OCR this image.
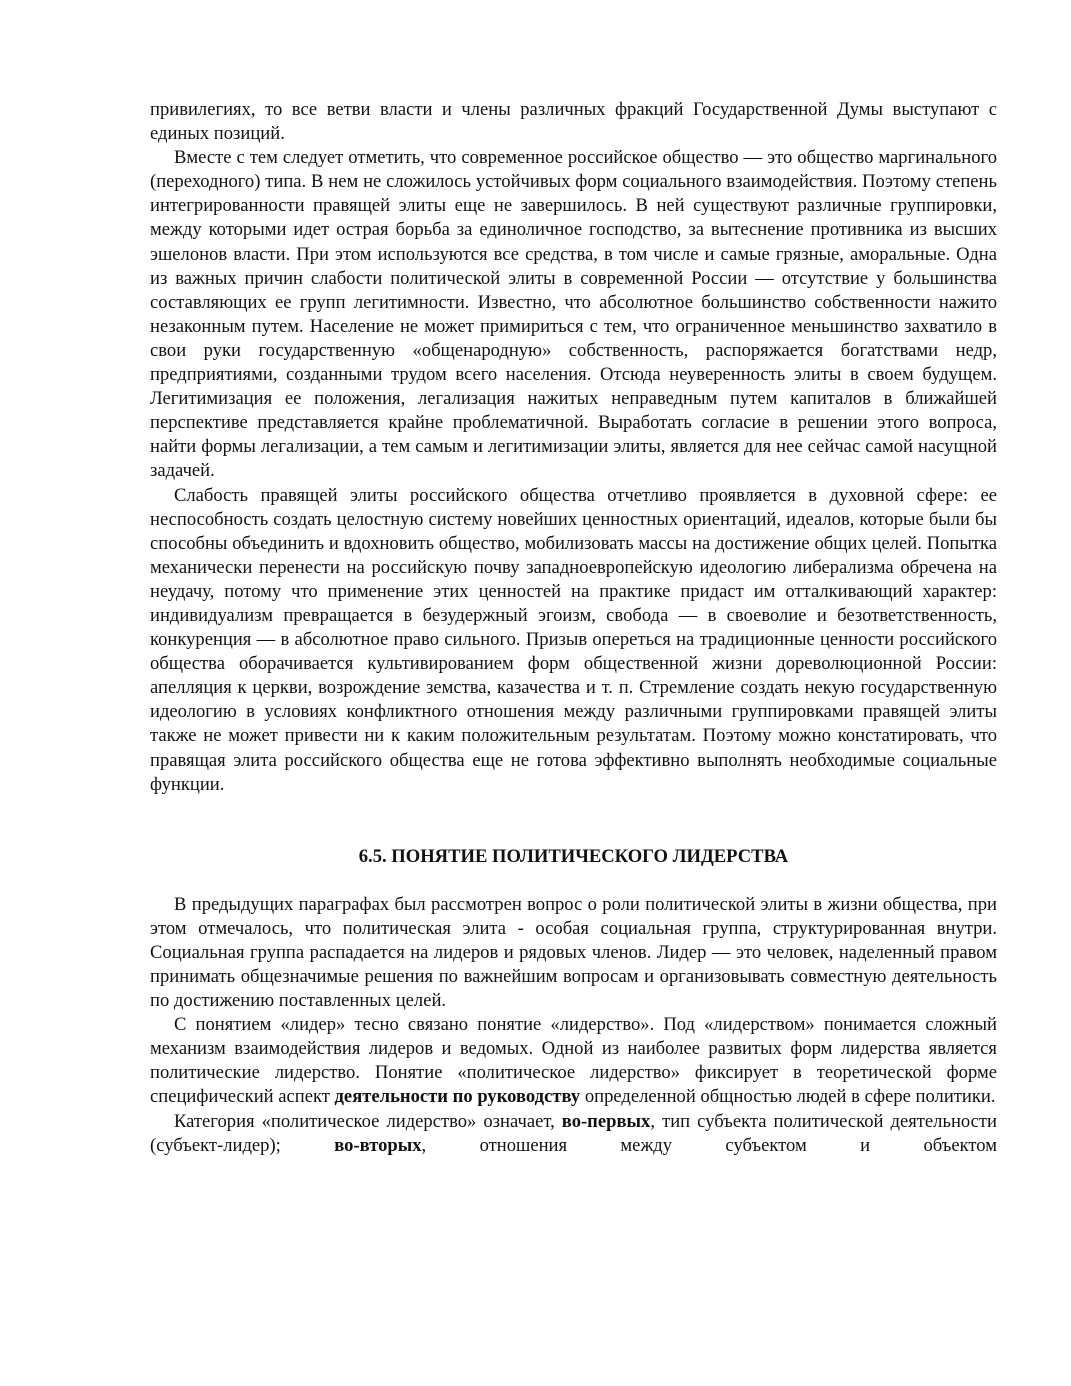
привилегиях, то все ветви власти и члены различных фракций Государственной Думы выступают с единых позиций.

Вместе с тем следует отметить, что современное российское общество — это общество маргинального (переходного) типа. В нем не сложилось устойчивых форм социального взаимодействия. Поэтому степень интегрированности правящей элиты еще не завершилось. В ней существуют различные группировки, между которыми идет острая борьба за единоличное господство, за вытеснение противника из высших эшелонов власти. При этом используются все средства, в том числе и самые грязные, аморальные. Одна из важных причин слабости политической элиты в современной России — отсутствие у большинства составляющих ее групп легитимности. Известно, что абсолютное большинство собственности нажито незаконным путем. Население не может примириться с тем, что ограниченное меньшинство захватило в свои руки государственную «общенародную» собственность, распоряжается богатствами недр, предприятиями, созданными трудом всего населения. Отсюда неуверенность элиты в своем будущем. Легитимизация ее положения, легализация нажитых неправедным путем капиталов в ближайшей перспективе представляется крайне проблематичной. Выработать согласие в решении этого вопроса, найти формы легализации, а тем самым и легитимизации элиты, является для нее сейчас самой насущной задачей.

Слабость правящей элиты российского общества отчетливо проявляется в духовной сфере: ее неспособность создать целостную систему новейших ценностных ориентаций, идеалов, которые были бы способны объединить и вдохновить общество, мобилизовать массы на достижение общих целей. Попытка механически перенести на российскую почву западноевропейскую идеологию либерализма обречена на неудачу, потому что применение этих ценностей на практике придаст им отталкивающий характер: индивидуализм превращается в безудержный эгоизм, свобода — в своеволие и безответственность, конкуренция — в абсолютное право сильного. Призыв опереться на традиционные ценности российского общества оборачивается культивированием форм общественной жизни дореволюционной России: апелляция к церкви, возрождение земства, казачества и т. п. Стремление создать некую государственную идеологию в условиях конфликтного отношения между различными группировками правящей элиты также не может привести ни к каким положительным результатам. Поэтому можно констатировать, что правящая элита российского общества еще не готова эффективно выполнять необходимые социальные функции.

6.5. ПОНЯТИЕ ПОЛИТИЧЕСКОГО ЛИДЕРСТВА

В предыдущих параграфах был рассмотрен вопрос о роли политической элиты в жизни общества, при этом отмечалось, что политическая элита - особая социальная группа, структурированная внутри. Социальная группа распадается на лидеров и рядовых членов. Лидер — это человек, наделенный правом принимать общезначимые решения по важнейшим вопросам и организовывать совместную деятельность по достижению поставленных целей.

С понятием «лидер» тесно связано понятие «лидерство». Под «лидерством» понимается сложный механизм взаимодействия лидеров и ведомых. Одной из наиболее развитых форм лидерства является политические лидерство. Понятие «политическое лидерство» фиксирует в теоретической форме специфический аспект деятельности по руководству определенной общностью людей в сфере политики.

Категория «политическое лидерство» означает, во-первых, тип субъекта политической деятельности (субъект-лидер); во-вторых, отношения между субъектом и объектом
